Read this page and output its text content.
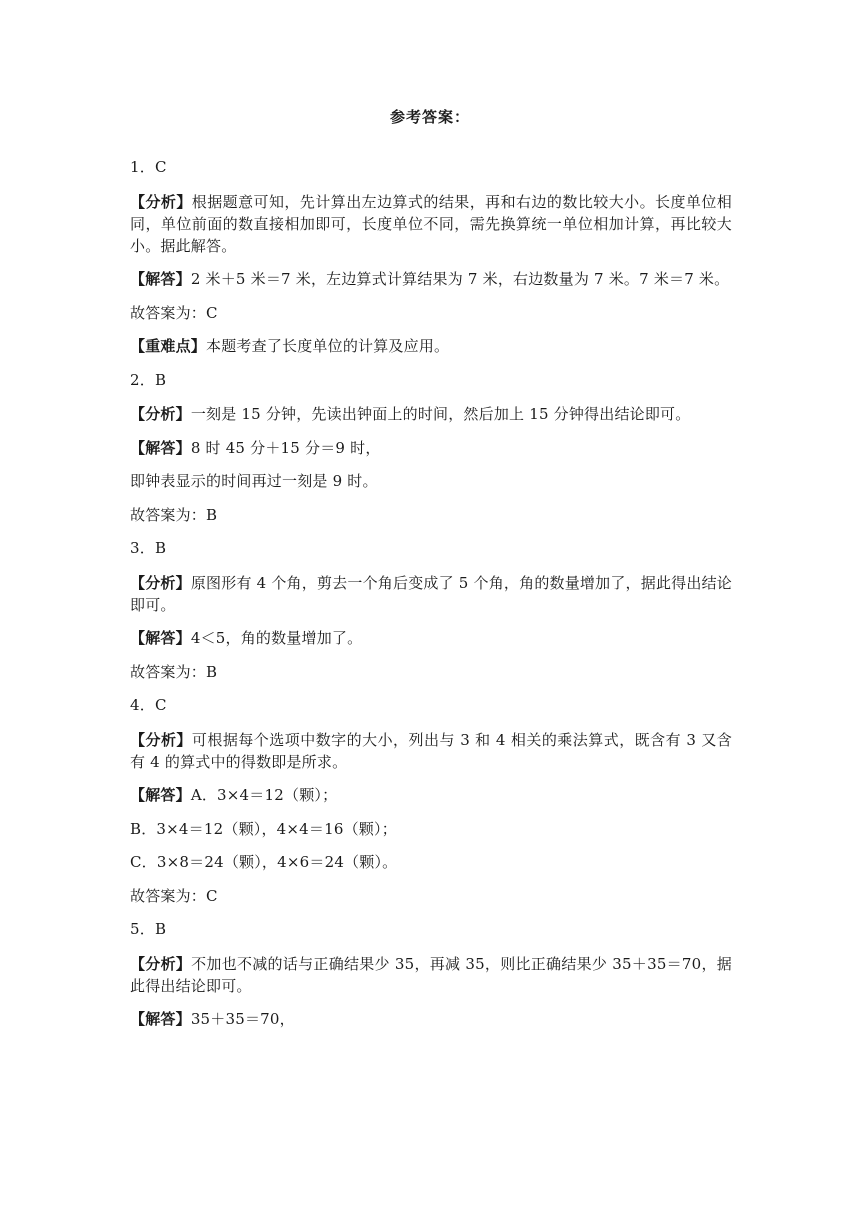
参考答案：
1．C
【分析】根据题意可知，先计算出左边算式的结果，再和右边的数比较大小。长度单位相同，单位前面的数直接相加即可，长度单位不同，需先换算统一单位相加计算，再比较大小。据此解答。
【解答】2 米＋5 米＝7 米，左边算式计算结果为 7 米，右边数量为 7 米。7 米＝7 米。
故答案为：C
【重难点】本题考查了长度单位的计算及应用。
2．B
【分析】一刻是 15 分钟，先读出钟面上的时间，然后加上 15 分钟得出结论即可。
【解答】8 时 45 分＋15 分＝9 时，
即钟表显示的时间再过一刻是 9 时。
故答案为：B
3．B
【分析】原图形有 4 个角，剪去一个角后变成了 5 个角，角的数量增加了，据此得出结论即可。
【解答】4＜5，角的数量增加了。
故答案为：B
4．C
【分析】可根据每个选项中数字的大小，列出与 3 和 4 相关的乘法算式，既含有 3 又含有 4 的算式中的得数即是所求。
【解答】A．3×4＝12（颗）；
B．3×4＝12（颗），4×4＝16（颗）；
C．3×8＝24（颗），4×6＝24（颗）。
故答案为：C
5．B
【分析】不加也不减的话与正确结果少 35，再减 35，则比正确结果少 35＋35＝70，据此得出结论即可。
【解答】35＋35＝70，
